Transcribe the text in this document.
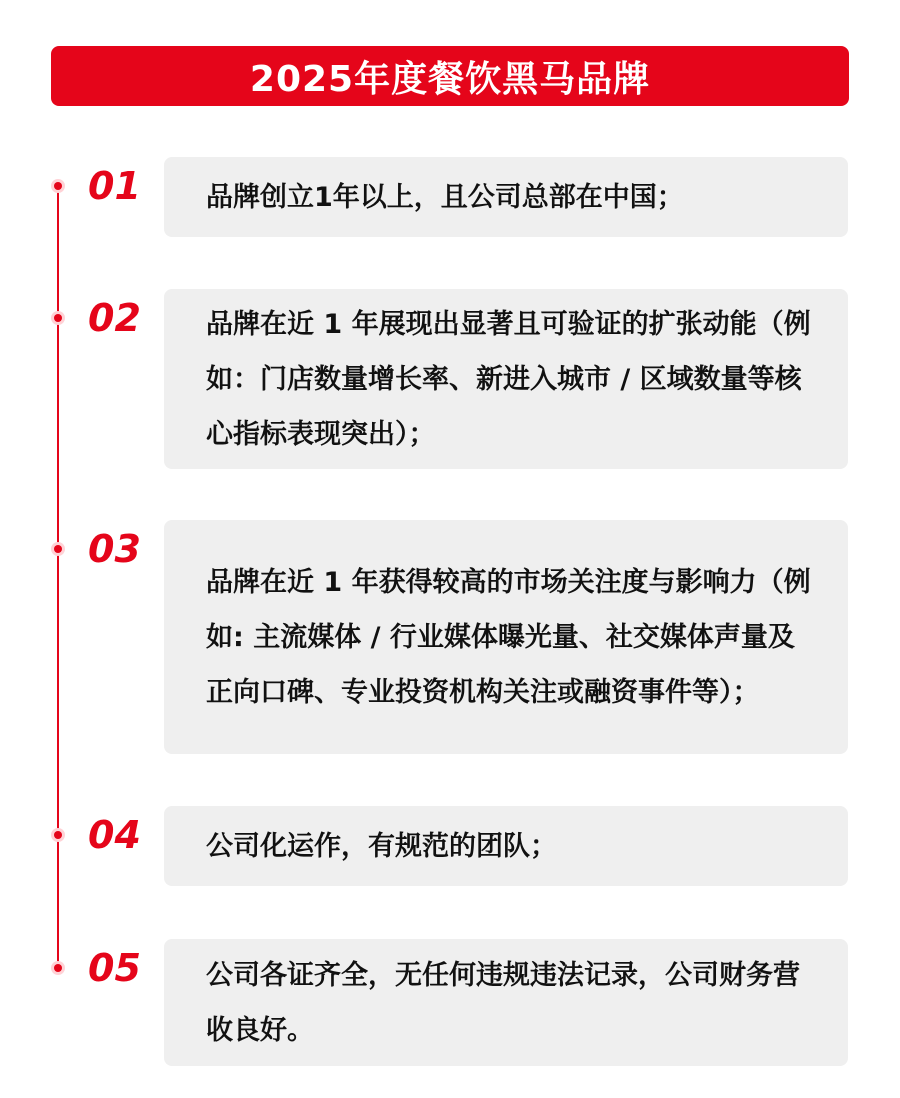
2025年度餐饮黑马品牌
01 品牌创立1年以上，且公司总部在中国；

02 品牌在近 1 年展现出显著且可验证的扩张动能（例如：门店数量增长率、新进入城市 / 区域数量等核心指标表现突出）；

03

品牌在近 1 年获得较高的市场关注度与影响力（例如: 主流媒体 / 行业媒体曝光量、社交媒体声量及正向口碑、专业投资机构关注或融资事件等）；

04 公司化运作，有规范的团队；

05 公司各证齐全，无任何违规违法记录，公司财务营收良好。
